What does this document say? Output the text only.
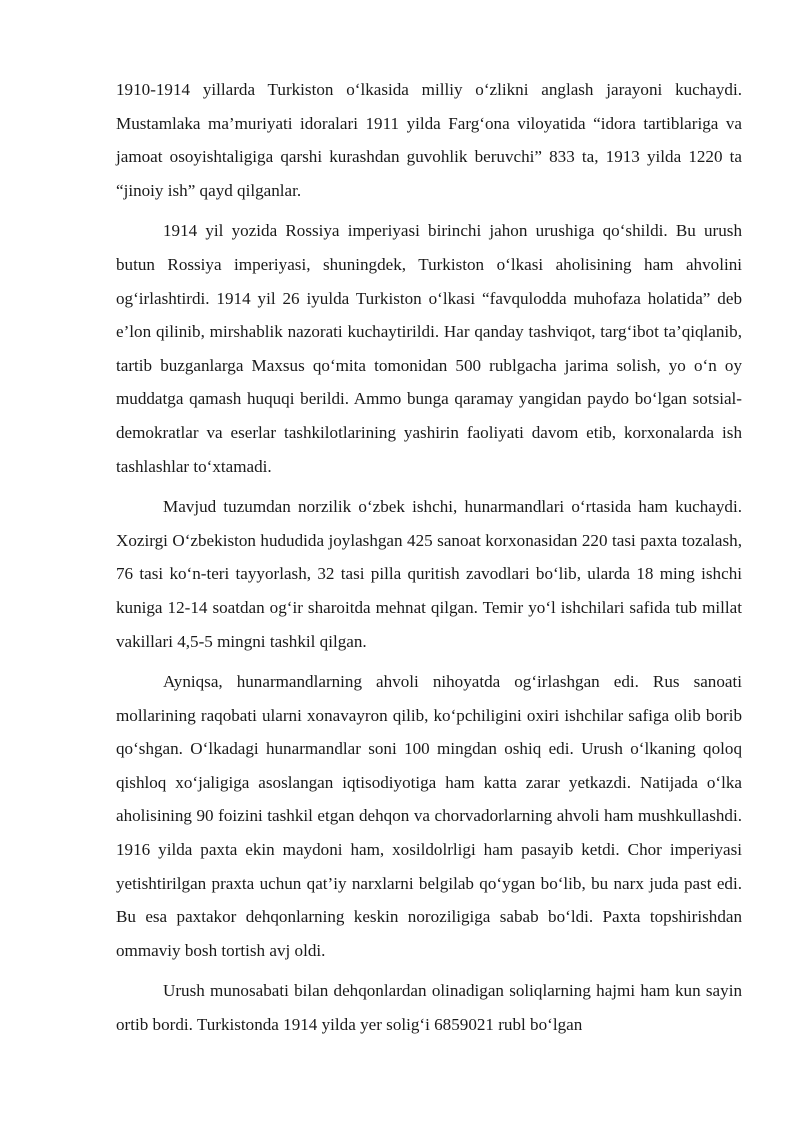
1910-1914 yillarda Turkiston o‘lkasida milliy o‘zlikni anglash jarayoni kuchaydi. Mustamlaka ma’muriyati idoralari 1911 yilda Farg‘ona viloyatida “idora tartiblariga va jamoat osoyishtaligiga qarshi kurashdan guvohlik beruvchi” 833 ta, 1913 yilda 1220 ta “jinoiy ish” qayd qilganlar.

1914 yil yozida Rossiya imperiyasi birinchi jahon urushiga qo‘shildi. Bu urush butun Rossiya imperiyasi, shuningdek, Turkiston o‘lkasi aholisining ham ahvolini og‘irlashtirdi. 1914 yil 26 iyulda Turkiston o‘lkasi “favqulodda muhofaza holatida” deb e’lon qilinib, mirshablik nazorati kuchaytirildi. Har qanday tashviqot, targ‘ibot ta’qiqlanib, tartib buzganlarga Maxsus qo‘mita tomonidan 500 rublgacha jarima solish, yo o‘n oy muddatga qamash huquqi berildi. Ammo bunga qaramay yangidan paydo bo‘lgan sotsial-demokratlar va eserlar tashkilotlarining yashirin faoliyati davom etib, korxonalarda ish tashlashlar to‘xtamadi.

Mavjud tuzumdan norzilik o‘zbek ishchi, hunarmandlari o‘rtasida ham kuchaydi. Xozirgi O‘zbekiston hududida joylashgan 425 sanoat korxonasidan 220 tasi paxta tozalash, 76 tasi ko‘n-teri tayyorlash, 32 tasi pilla quritish zavodlari bo‘lib, ularda 18 ming ishchi kuniga 12-14 soatdan og‘ir sharoitda mehnat qilgan. Temir yo‘l ishchilari safida tub millat vakillari 4,5-5 mingni tashkil qilgan.

Ayniqsa, hunarmandlarning ahvoli nihoyatda og‘irlashgan edi. Rus sanoati mollarining raqobati ularni xonavayron qilib, ko‘pchiligini oxiri ishchilar safiga olib borib qo‘shgan. O‘lkadagi hunarmandlar soni 100 mingdan oshiq edi. Urush o‘lkaning qoloq qishloq xo‘jaligiga asoslangan iqtisodiyotiga ham katta zarar yetkazdi. Natijada o‘lka aholisining 90 foizini tashkil etgan dehqon va chorvadorlarning ahvoli ham mushkullashdi. 1916 yilda paxta ekin maydoni ham, xosildolrligi ham pasayib ketdi. Chor imperiyasi yetishtirilgan praxta uchun qat’iy narxlarni belgilab qo‘ygan bo‘lib, bu narx juda past edi. Bu esa paxtakor dehqonlarning keskin noroziligiga sabab bo‘ldi. Paxta topshirishdan ommaviy bosh tortish avj oldi.

Urush munosabati bilan dehqonlardan olinadigan soliqlarning hajmi ham kun sayin ortib bordi. Turkistonda 1914 yilda yer solig‘i 6859021 rubl bo‘lgan
